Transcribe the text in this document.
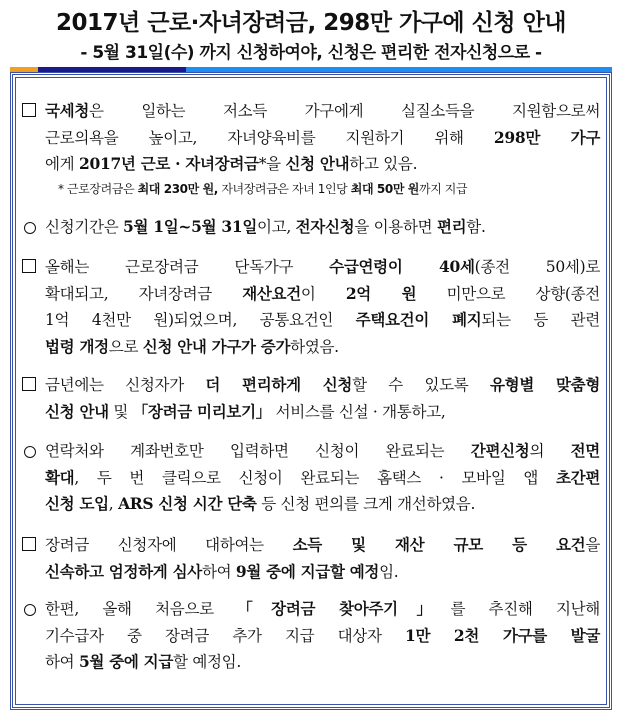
2017년 근로·자녀장려금, 298만 가구에 신청 안내
- 5월 31일(수) 까지 신청하여야, 신청은 편리한 전자신청으로 -
국세청은 일하는 저소득 가구에게 실질소득을 지원함으로써
근로의욕을 높이고, 자녀양육비를 지원하기 위해 298만 가구
에게 2017년 근로 · 자녀장려금*을 신청 안내하고 있음.
신청기간은 5월 1일~5월 31일이고, 전자신청을 이용하면 편리함.
올해는 근로장려금 단독가구 수급연령이 40세(종전 50세)로
확대되고, 자녀장려금 재산요건이 2억 원 미만으로 상향(종전
1억 4천만 원)되었으며, 공통요건인 주택요건이 폐지되는 등 관련
법령 개정으로 신청 안내 가구가 증가하였음.
금년에는 신청자가 더 편리하게 신청할 수 있도록 유형별 맞춤형
신청 안내 및 「장려금 미리보기」 서비스를 신설 · 개통하고,
연락처와 계좌번호만 입력하면 신청이 완료되는 간편신청의 전면
확대, 두 번 클릭으로 신청이 완료되는 홈택스 · 모바일 앱 초간편
신청 도입, ARS 신청 시간 단축 등 신청 편의를 크게 개선하였음.
장려금 신청자에 대하여는 소득 및 재산 규모 등 요건을
신속하고 엄정하게 심사하여 9월 중에 지급할 예정임.
한편, 올해 처음으로 「장려금 찾아주기」를 추진해 지난해
기수급자 중 장려금 추가 지급 대상자 1만 2천 가구를 발굴
하여 5월 중에 지급할 예정임.
* 근로장려금은 최대 230만 원, 자녀장려금은 자녀 1인당 최대 50만 원까지 지급
